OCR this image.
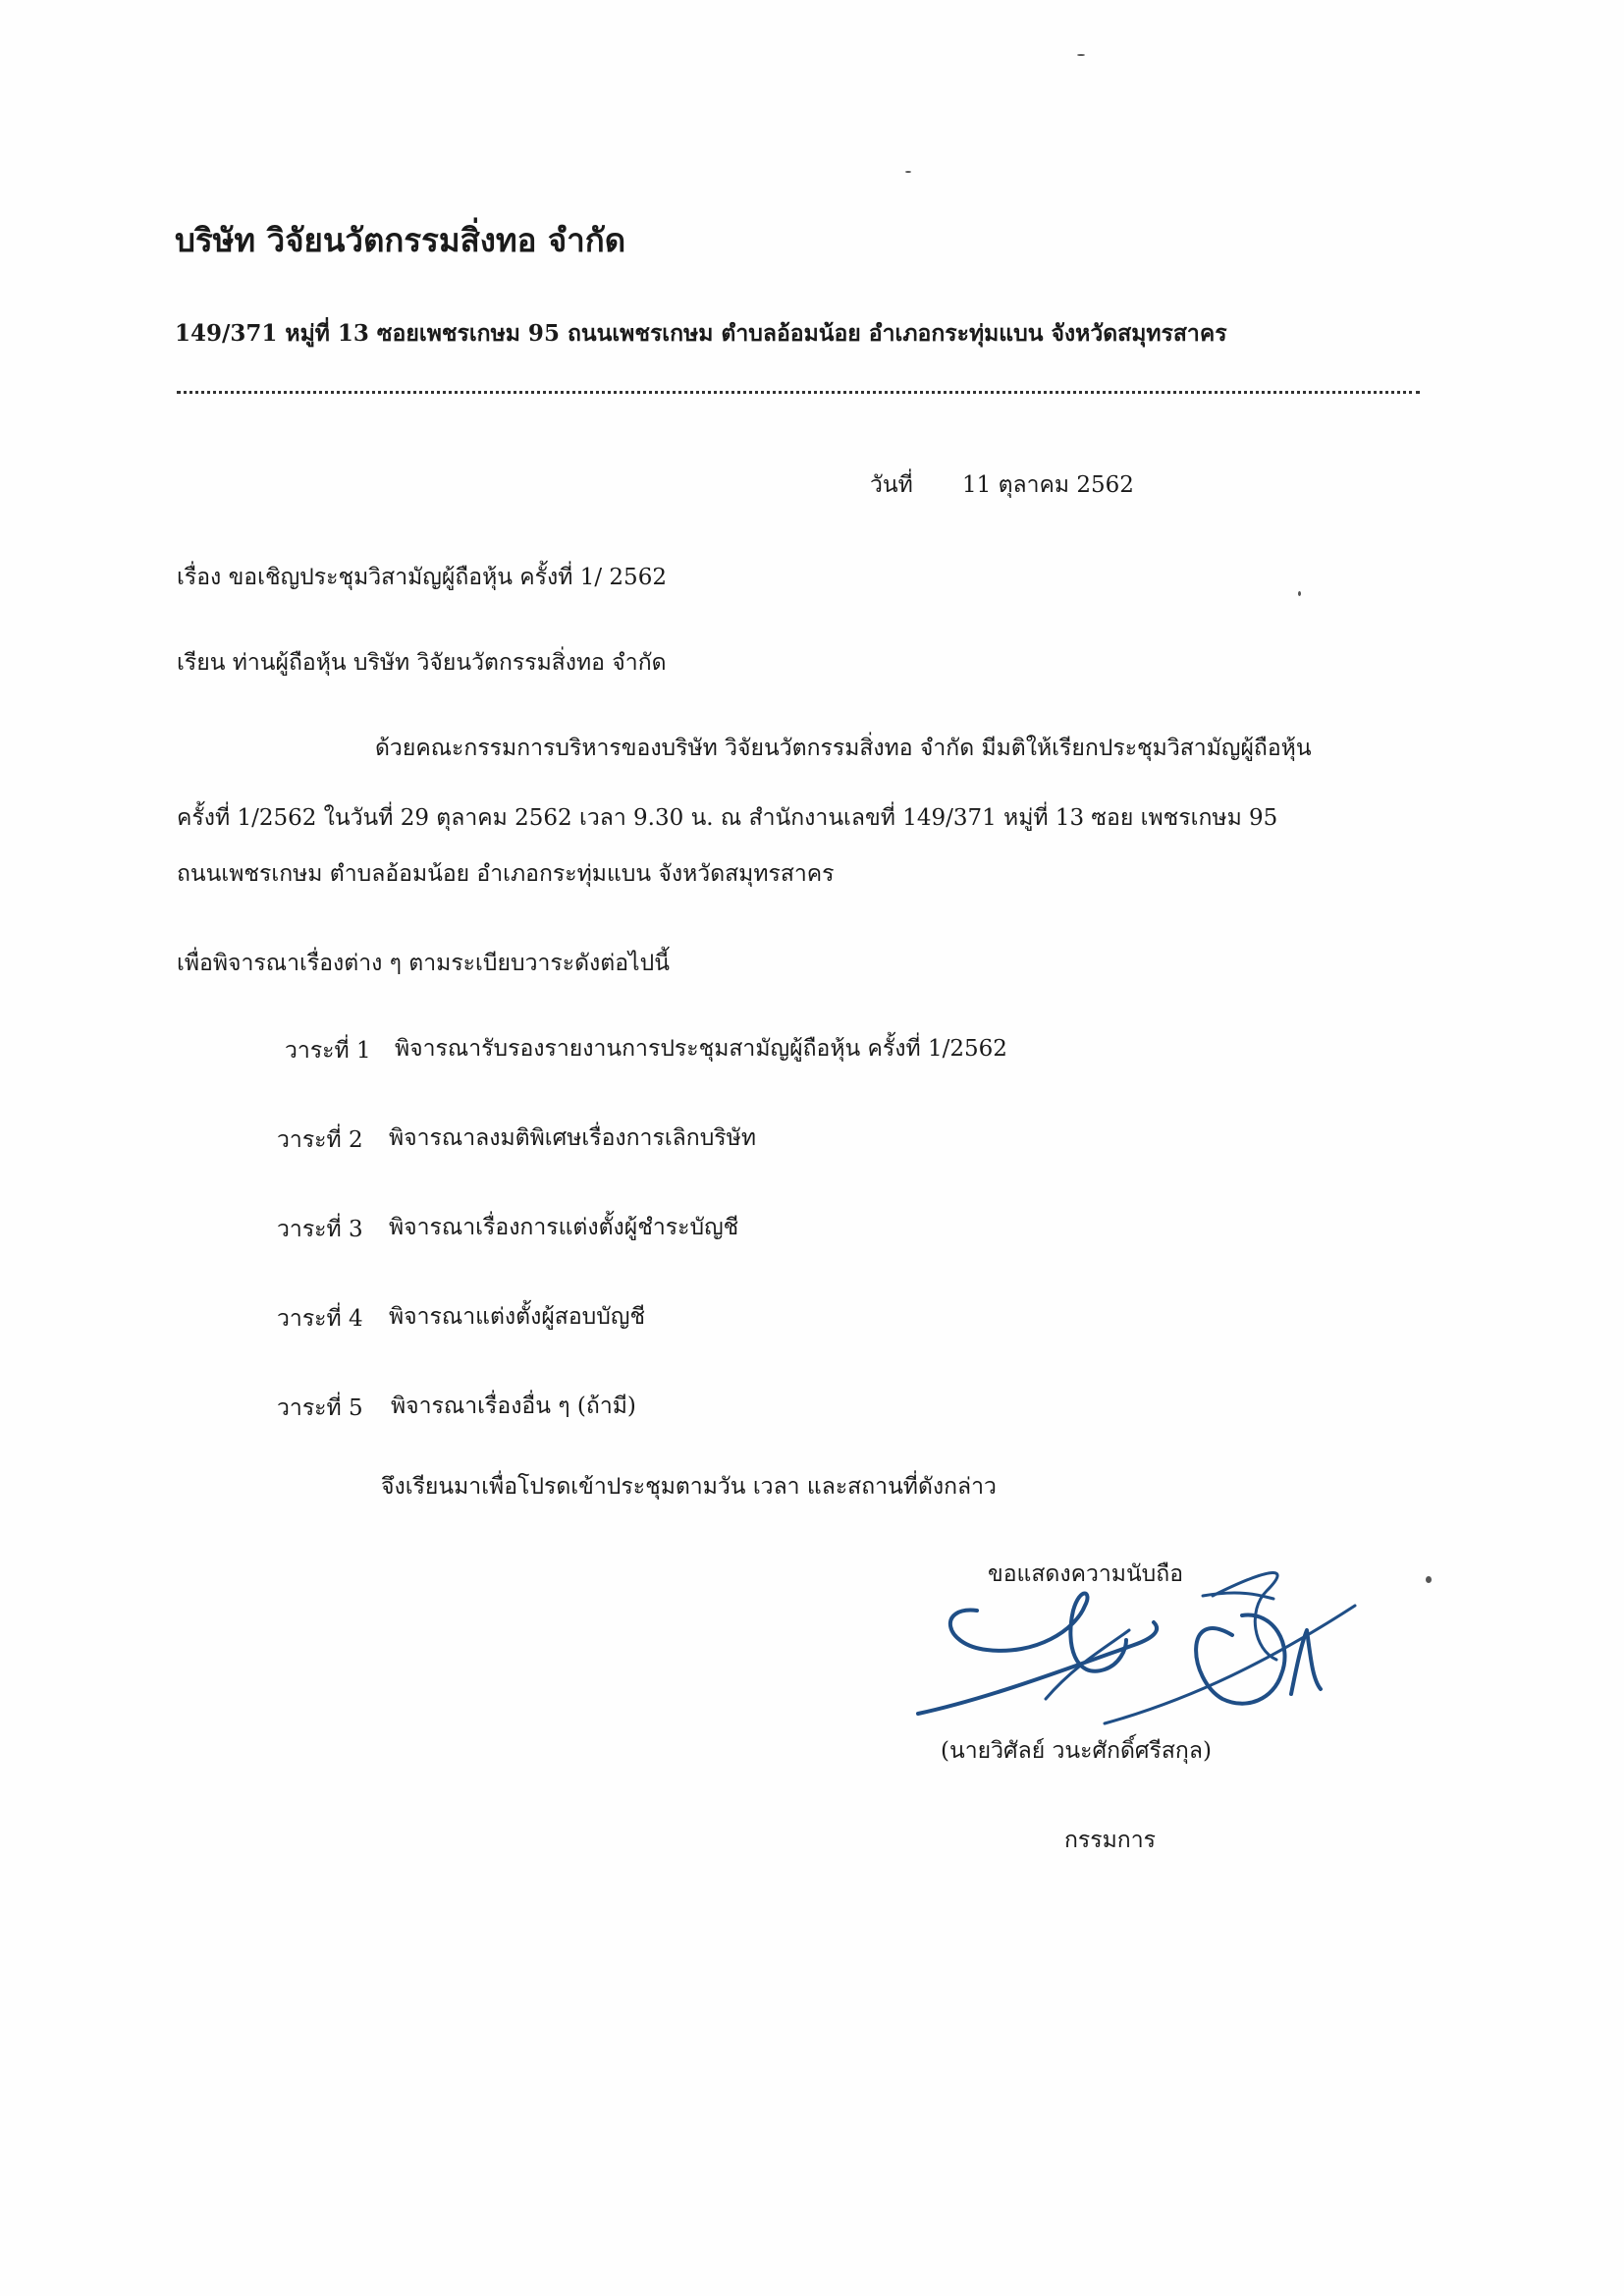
บริษัท วิจัยนวัตกรรมสิ่งทอ จำกัด
149/371 หมู่ที่ 13 ซอยเพชรเกษม 95 ถนนเพชรเกษม ตำบลอ้อมน้อย อำเภอกระทุ่มแบน จังหวัดสมุทรสาคร
วันที่ 11 ตุลาคม 2562
เรื่อง ขอเชิญประชุมวิสามัญผู้ถือหุ้น ครั้งที่ 1/ 2562
เรียน ท่านผู้ถือหุ้น บริษัท วิจัยนวัตกรรมสิ่งทอ จำกัด
ด้วยคณะกรรมการบริหารของบริษัท วิจัยนวัตกรรมสิ่งทอ จำกัด มีมติให้เรียกประชุมวิสามัญผู้ถือหุ้น
ครั้งที่ 1/2562 ในวันที่ 29 ตุลาคม 2562 เวลา 9.30 น. ณ สำนักงานเลขที่ 149/371 หมู่ที่ 13 ซอย เพชรเกษม 95
ถนนเพชรเกษม ตำบลอ้อมน้อย อำเภอกระทุ่มแบน จังหวัดสมุทรสาคร
เพื่อพิจารณาเรื่องต่าง ๆ ตามระเบียบวาระดังต่อไปนี้
วาระที่ 1 พิจารณารับรองรายงานการประชุมสามัญผู้ถือหุ้น ครั้งที่ 1/2562
วาระที่ 2 พิจารณาลงมติพิเศษเรื่องการเลิกบริษัท
วาระที่ 3 พิจารณาเรื่องการแต่งตั้งผู้ชำระบัญชี
วาระที่ 4 พิจารณาแต่งตั้งผู้สอบบัญชี
วาระที่ 5 พิจารณาเรื่องอื่น ๆ (ถ้ามี)
จึงเรียนมาเพื่อโปรดเข้าประชุมตามวัน เวลา และสถานที่ดังกล่าว
ขอแสดงความนับถือ
(นายวิศัลย์ วนะศักดิ์ศรีสกุล)
กรรมการ
